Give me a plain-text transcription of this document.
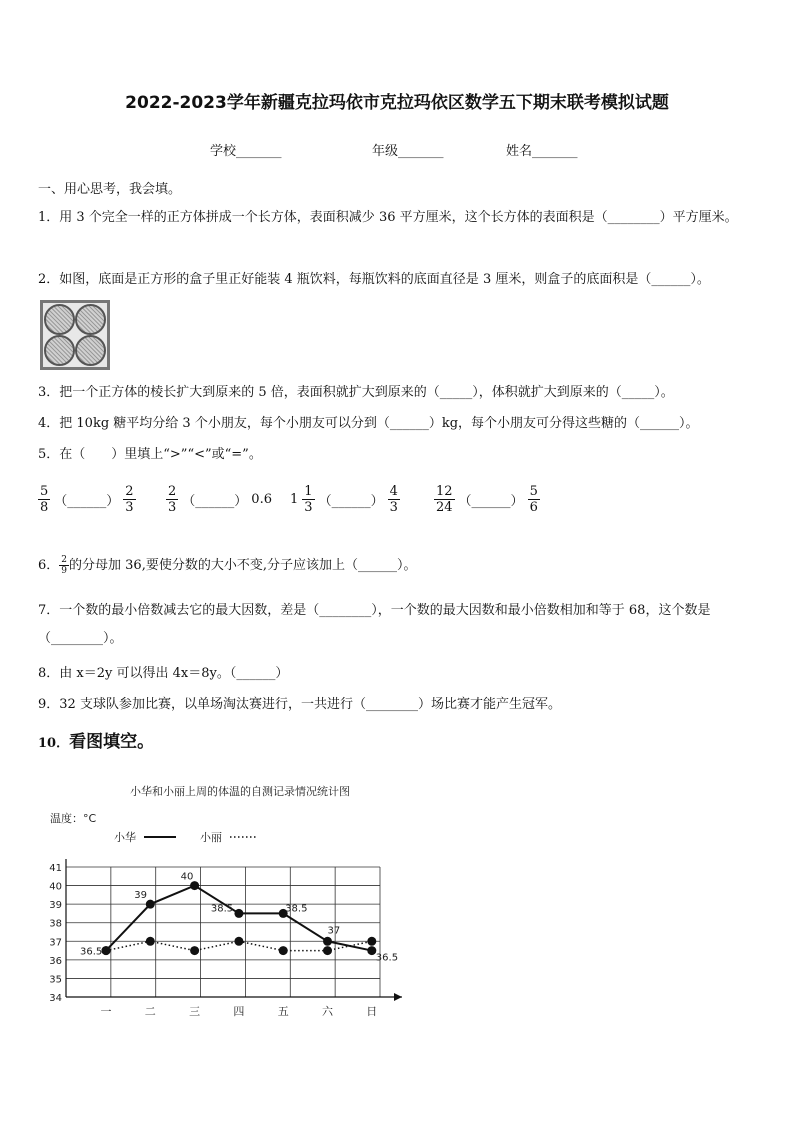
2022-2023学年新疆克拉玛依市克拉玛依区数学五下期末联考模拟试题
学校_______	年级_______	姓名_______
一、用心思考，我会填。
1．用 3 个完全一样的正方体拼成一个长方体，表面积减少 36 平方厘米，这个长方体的表面积是（________）平方厘米。
2．如图，底面是正方形的盒子里正好能装 4 瓶饮料，每瓶饮料的底面直径是 3 厘米，则盒子的底面积是（______）。
3．把一个正方体的棱长扩大到原来的 5 倍，表面积就扩大到原来的（_____），体积就扩大到原来的（_____）。
4．把 10kg 糖平均分给 3 个小朋友，每个小朋友可以分到（______）kg，每个小朋友可分得这些糖的（______）。
5．在（　　）里填上“>”“<”或“=”。
$\frac{5}{8}$ （______） $\frac{2}{3} \frac{2}{3}$ （______） 0.6 $1 \frac{1}{3}$ （______） $\frac{4}{3}$	$\frac{12}{24}$ （______） $\frac{5}{6}$
6． $\frac{2}{9}$ 的分母加 36,要使分数的大小不变,分子应该加上（______）。
7．一个数的最小倍数减去它的最大因数，差是（________），一个数的最大因数和最小倍数相加和等于 68，这个数是（________）。
8．由 x＝2y 可以得出 4x＝8y。（______）
9．32 支球队参加比赛，以单场淘汰赛进行，一共进行（________）场比赛才能产生冠军。
10． 看图填空。
小华和小丽上周的体温的自测记录情况统计图
温度：°C
小华	小丽
34
35
36
37
38
39
40
41
一	二	三	四	五	六	日
36.5
39
40
38.5	38.5
37
36.5
